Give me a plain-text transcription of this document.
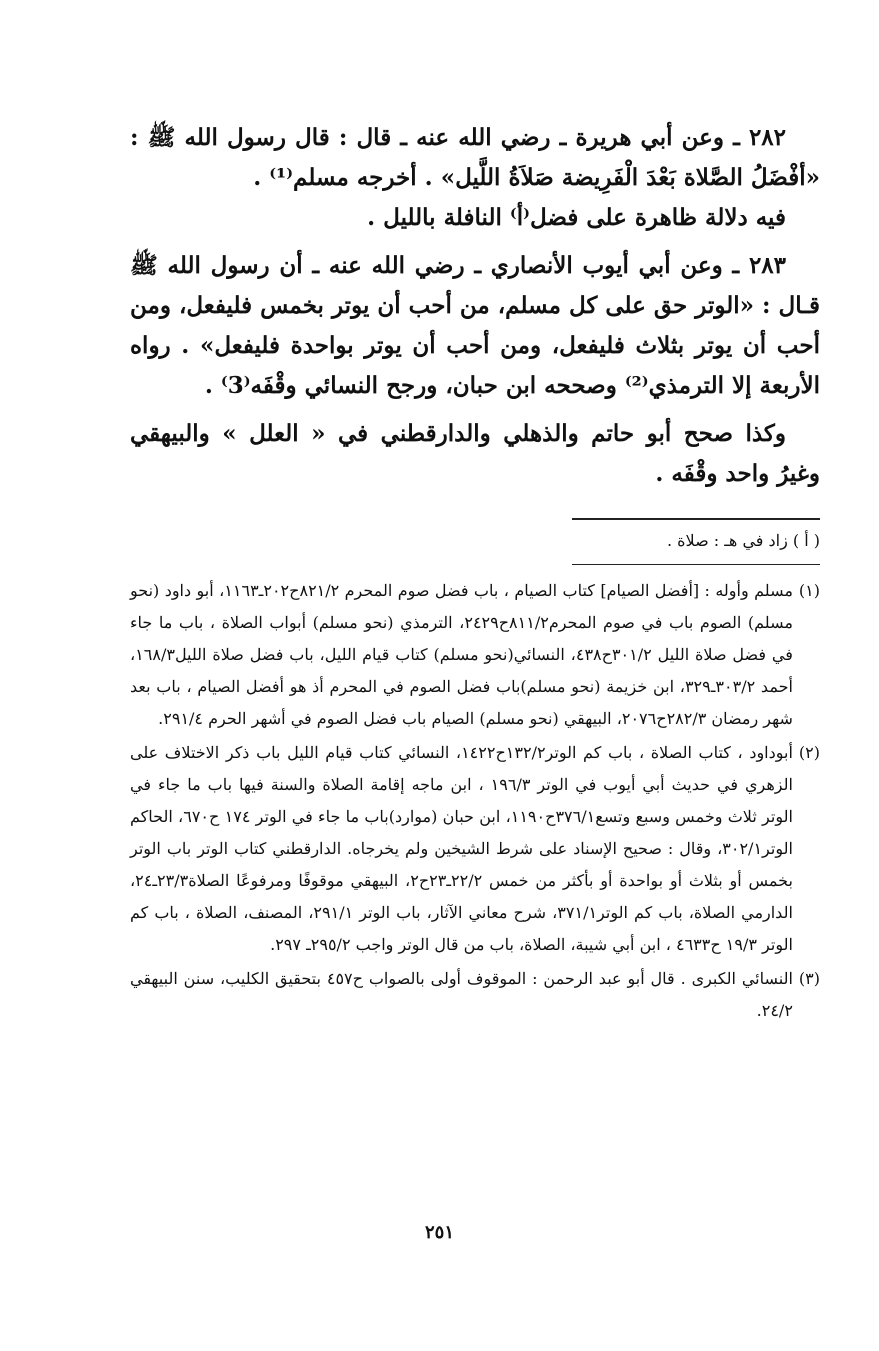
٢٨٢ ـ وعن أبي هريرة ـ رضي الله عنه ـ قال : قال رسول الله ﷺ : «أفْضَلُ الصَّلاة بَعْدَ الْفَرِيضة صَلاَةُ اللَّيل» . أخرجه مسلم⁽¹⁾ .

فيه دلالة ظاهرة على فضل⁽أ⁾ النافلة بالليل .

٢٨٣ ـ وعن أبي أيوب الأنصاري ـ رضي الله عنه ـ أن رسول الله ﷺ قـال : «الوتر حق على كل مسلم، من أحب أن يوتر بخمس فليفعل، ومن أحب أن يوتر بثلاث فليفعل، ومن أحب أن يوتر بواحدة فليفعل» . رواه الأربعة إلا الترمذي⁽²⁾ وصححه ابن حبان، ورجح النسائي وقْفَه⁽3⁾ .

وكذا صحح أبو حاتم والذهلي والدارقطني في « العلل » والبيهقي وغيرُ واحد وقْفَه .

( أ ) زاد في هـ : صلاة .

(١)
مسلم وأوله : [أفضل الصيام] كتاب الصيام ، باب فضل صوم المحرم ٨٢١/٢ح٢٠٢ـ١١٦٣، أبو داود (نحو مسلم) الصوم باب في صوم المحرم٨١١/٢ح٢٤٢٩، الترمذي (نحو مسلم) أبواب الصلاة ، باب ما جاء في فضل صلاة الليل ٣٠١/٢ح٤٣٨، النسائي(نحو مسلم) كتاب قيام الليل، باب فضل صلاة الليل١٦٨/٣، أحمد ٣٠٣/٢ـ٣٢٩، ابن خزيمة (نحو مسلم)باب فضل الصوم في المحرم أذ هو أفضل الصيام ، باب بعد شهر رمضان ٢٨٢/٣ح٢٠٧٦، البيهقي (نحو مسلم) الصيام باب فضل الصوم في أشهر الحرم ٢٩١/٤.
(٢)
أبوداود ، كتاب الصلاة ، باب كم الوتر١٣٢/٢ح١٤٢٢، النسائي كتاب قيام الليل باب ذكر الاختلاف على الزهري في حديث أبي أيوب في الوتر ١٩٦/٣ ، ابن ماجه إقامة الصلاة والسنة فيها باب ما جاء في الوتر ثلاث وخمس وسبع وتسع٣٧٦/١ح١١٩٠، ابن حبان (موارد)باب ما جاء في الوتر ١٧٤ ح٦٧٠، الحاكم الوتر٣٠٢/١، وقال : صحيح الإسناد على شرط الشيخين ولم يخرجاه. الدارقطني كتاب الوتر باب الوتر بخمس أو بثلاث أو بواحدة أو بأكثر من خمس ٢٢/٢ـ٢٣ح٢، البيهقي موقوفًا ومرفوعًا الصلاة٢٣/٣ـ٢٤، الدارمي الصلاة، باب كم الوتر٣٧١/١، شرح معاني الآثار، باب الوتر ٢٩١/١، المصنف، الصلاة ، باب كم الوتر ١٩/٣ ح٤٦٣٣ ، ابن أبي شيبة، الصلاة، باب من قال الوتر واجب ٢٩٥/٢ـ ٢٩٧.
(٣)
النسائي الكبرى . قال أبو عبد الرحمن : الموقوف أولى بالصواب ح٤٥٧ بتحقيق الكليب، سنن البيهقي ٢٤/٢.
٢٥١
